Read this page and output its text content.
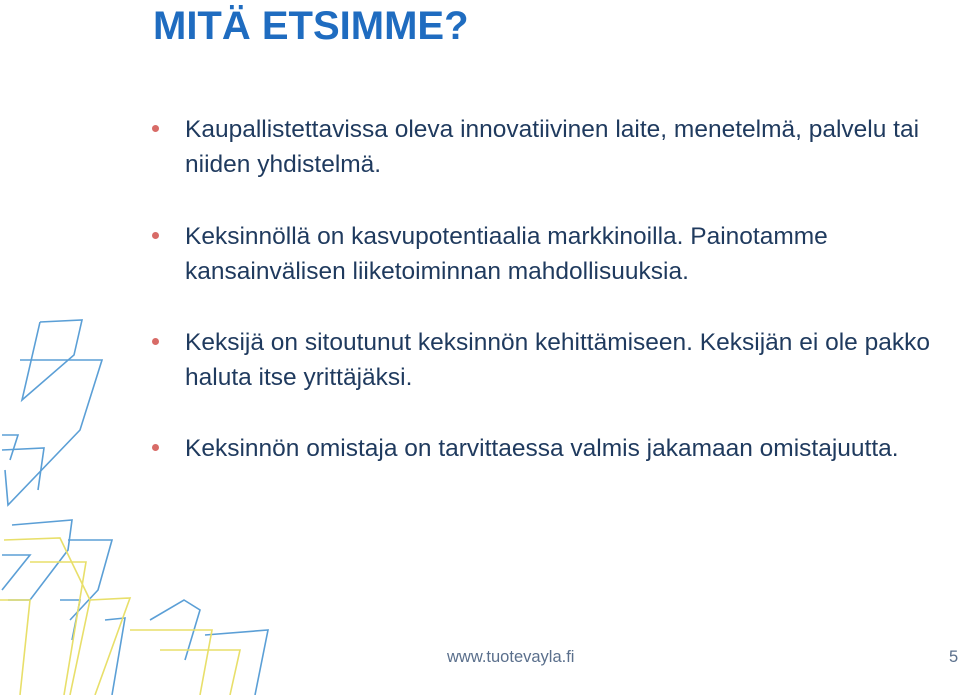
MITÄ ETSIMME?
Kaupallistettavissa oleva innovatiivinen laite, menetelmä, palvelu tai niiden yhdistelmä.
Keksinnöllä on kasvupotentiaalia markkinoilla. Painotamme kansainvälisen liiketoiminnan mahdollisuuksia.
Keksijä on sitoutunut keksinnön kehittämiseen. Keksijän ei ole pakko haluta itse yrittäjäksi.
Keksinnön omistaja on tarvittaessa valmis jakamaan omistajuutta.
www.tuotevayla.fi	5
